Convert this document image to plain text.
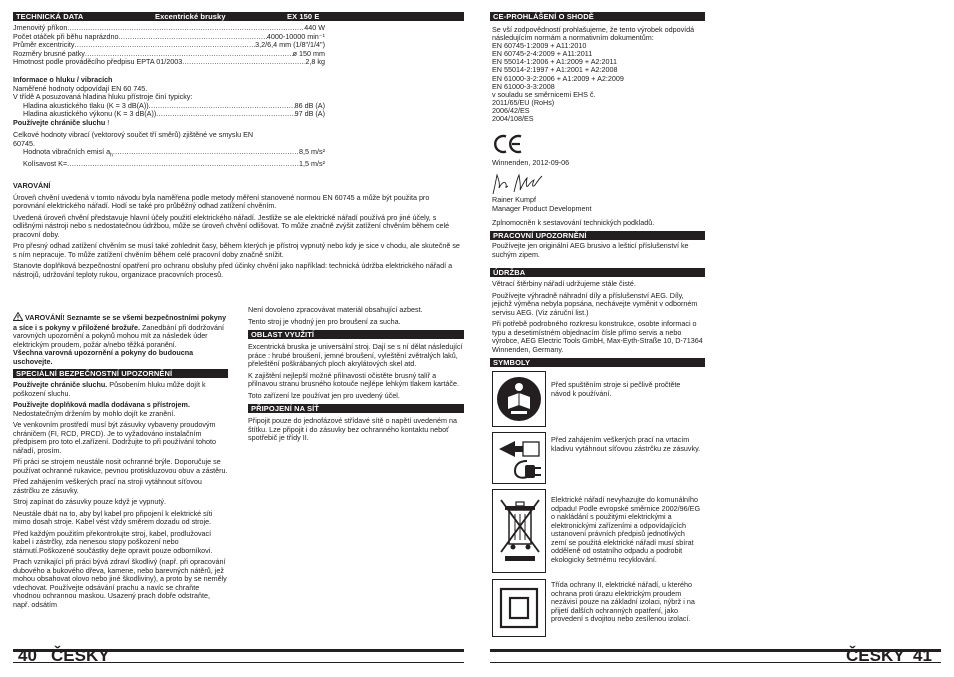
TECHNICKÁ DATA	Excentrické brusky	EX 150 E
Jmenovitý příkon .....	440 W
Počet otáček při běhu naprázdno .....	4000-10000 min⁻¹
Průměr excentricity .....	3,2/6,4 mm (1/8"/1/4")
Rozměry brusné patky .....	ø 150 mm
Hmotnost podle prováděcího předpisu EPTA 01/2003 .....	2,8 kg
Informace o hluku / vibracích
Naměřené hodnoty odpovídají EN 60 745.
V třídě A posuzovaná hladina hluku přístroje činí typicky:
Hladina akustického tlaku (K = 3 dB(A)) .....	86 dB (A)
Hladina akustického výkonu (K = 3 dB(A)) .....	97 dB (A)
Používejte chrániče sluchu !
Celkové hodnoty vibrací (vektorový součet tří směrů) zjištěné ve smyslu EN 60745.
Hodnota vibračních emisí $a_h$ .....	8,5 m/s²
Kolísavost K= .....	1,5 m/s²
VAROVÁNÍ

Úroveň chvění uvedená v tomto návodu byla naměřena podle metody měření stanovené normou EN 60745 a může být použita pro porovnání elektrického nářadí. Hodí se také pro průběžný odhad zatížení chvěním.

Uvedená úroveň chvění představuje hlavní účely použití elektrického nářadí. Jestliže se ale elektrické nářadí používá pro jiné účely, s odlišnými nástroji nebo s nedostatečnou údržbou, může se úroveň chvění odlišovat. To může značně zvýšit zatížení chvěním během celé pracovní doby.

Pro přesný odhad zatížení chvěním se musí také zohlednit časy, během kterých je přístroj vypnutý nebo kdy je sice v chodu, ale skutečně se s ním nepracuje. To může zatížení chvěním během celé pracovní doby značně snížit.

Stanovte doplňková bezpečnostní opatření pro ochranu obsluhy před účinky chvění jako například: technická údržba elektrického nářadí a nástrojů, udržování teploty rukou, organizace pracovních procesů.

VAROVÁNÍ! Seznamte se se všemi bezpečnostními pokyny a síce i s pokyny v přiložené brožuře. Zanedbání při dodržování varovných upozornění a pokynů mohou mít za následek úder elektrickým proudem, požár a/nebo těžká poranění.
Všechna varovná upozornění a pokyny do budoucna uschovejte.

SPECIÁLNÍ BEZPEČNOSTNÍ UPOZORNĚNÍ

Používejte chrániče sluchu. Působením hluku může dojít k poškození sluchu.

Používejte doplňková madla dodávana s přístrojem. Nedostatečným držením by mohlo dojít ke zranění.

Ve venkovním prostředí musí být zásuvky vybaveny proudovým chráničem (FI, RCD, PRCD). Je to vyžadováno instalačním předpisem pro toto el.zařízení. Dodržujte to při používání tohoto nářadí, prosím.

Při práci se strojem neustále nosit ochranné brýle. Doporučuje se používat ochranné rukavice, pevnou protiskluzovou obuv a zástěru.

Před zahájením veškerých prací na stroji vytáhnout síťovou zástrčku ze zásuvky.

Stroj zapínat do zásuvky pouze když je vypnutý.

Neustále dbát na to, aby byl kabel pro připojení k elektrické síti mimo dosah stroje. Kabel vést vždy směrem dozadu od stroje.

Před každým použitím překontrolujte stroj, kabel, prodlužovací kabel i zástrčky, zda nenesou stopy poškození nebo stárnutí.Poškozené součástky dejte opravit pouze odborníkovi.

Prach vznikající při práci bývá zdraví škodlivý (např. při opracování dubového a bukového dřeva, kamene, nebo barevných nátěrů, jež mohou obsahovat olovo nebo jiné škodliviny), a proto by se neměly vdechovat. Používejte odsávání prachu a navíc se chraňte vhodnou ochrannou maskou. Usazený prach dobře odstraňte, např. odsátím

Není dovoleno zpracovávat materiál obsahující azbest.

Tento stroj je vhodný jen pro broušení za sucha.

OBLAST VYUŽITÍ

Excentrická bruska je universální stroj. Dají se s ní dělat následující práce : hrubé broušení, jemné broušení, vyleštění zvětralých laků, přeleštění poškrábaných ploch akrylátových skel atd.

K zajištění nejlepší možné přilnavosti očistěte brusný talíř a přilnavou stranu brusného kotouče nejlépe lehkým tlakem kartáče.

Toto zařízení lze používat jen pro uvedený účel.

PŘIPOJENÍ NA SÍŤ

Připojit pouze do jednofázové střídavé sítě o napětí uvedeném na štítku. Lze připojit i do zásuvky bez ochranného kontaktu neboť spotřebič je třídy II.

40 ČESKY
CE-PROHLÁŠENÍ O SHODĚ
Se vší zodpovědností prohlašujeme, že tento výrobek odpovídá následujícím normám a normativním dokumentům:
EN 60745-1:2009 + A11:2010
EN 60745-2-4:2009 + A11:2011
EN 55014-1:2006 + A1:2009 + A2:2011
EN 55014-2:1997 + A1:2001 + A2:2008
EN 61000-3-2:2006 + A1:2009 + A2:2009
EN 61000-3-3:2008
v souladu se směrnicemi EHS č.
2011/65/EU (RoHs)
2006/42/ES
2004/108/ES
Winnenden, 2012-09-06
Rainer Kumpf
Manager Product Development
Zplnomocněn k sestavování technických podkladů.
PRACOVNÍ UPOZORNĚNÍ
Používejte jen originální AEG brusivo a lešticí příslušenství ke suchým zipem.
ÚDRŽBA

Větrací štěrbiny nářadí udržujeme stále čisté.

Používejte výhradně náhradní díly a příslušenství AEG. Díly, jejichž výměna nebyla popsána, nechávejte vyměnit v odborném servisu AEG. (Viz záruční list.)

Při potřebě podrobného rozkresu konstrukce, osobte informaci o typu a desetimístném objednacím čísle přímo servis a nebo výrobce, AEG Electric Tools GmbH, Max-Eyth-Straße 10, D-71364 Winnenden, Germany.

SYMBOLY
Před spuštěním stroje si pečlivě pročtěte návod k používání.
Před zahájením veškerých prací na vrtacím kladivu vytáhnout síťovou zástrčku ze zásuvky.
Elektrické nářadí nevyhazujte do komunálního odpadu! Podle evropské směrnice 2002/96/EG o nakládání s použitými elektrickými a elektronickými zařízeními a odpovídajících ustanovení právních předpisů jednotlivých zemí se použitá elektrické nářadí musí sbírat odděleně od ostatního odpadu a podrobit ekologicky šetrnému recyklování.
Třída ochrany II, elektrické nářadí, u kterého ochrana proti úrazu elektrickým proudem nezávisí pouze na základní izolaci, nýbrž i na přijetí dalších ochranných opatření, jako provedení s dvojitou nebo zesílenou izolací.
ČESKY 41
